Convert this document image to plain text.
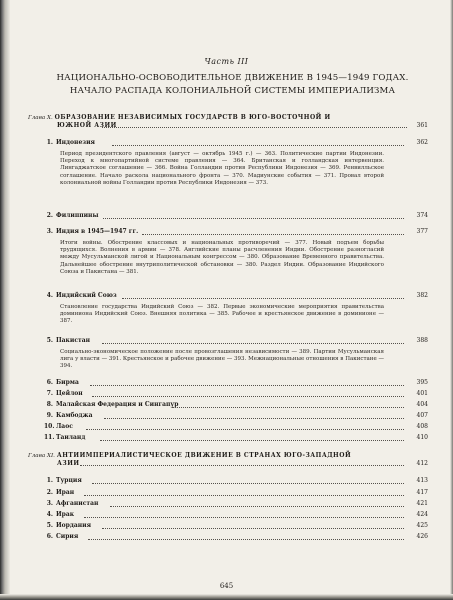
Часть III
НАЦИОНАЛЬНО-ОСВОБОДИТЕЛЬНОЕ ДВИЖЕНИЕ В 1945—1949 ГОДАХ.
НАЧАЛО РАСПАДА КОЛОНИАЛЬНОЙ СИСТЕМЫ ИМПЕРИАЛИЗМА
Глава X. ОБРАЗОВАНИЕ НЕЗАВИСИМЫХ ГОСУДАРСТВ В ЮГО-ВОСТОЧНОЙ И
ЮЖНОЙ АЗИИ	361
1. Индонезия	362
Период президентского правления (август — октябрь 1945 г.) — 363. Политические партии Индонезии. Переход к многопартийной системе правления — 364. Британская и голландская интервенция. Лингаджатское соглашение — 366. Война Голландии против Республики Индонезия — 369. Ренвилльское соглашение. Начало раскола национального фронта — 370. Мадиунские события — 371. Провал второй колониальной войны Голландии против Республики Индонезия — 373.
2. Филиппины	374
3. Индия в 1945—1947 гг.	377
Итоги войны. Обострение классовых и национальных противоречий — 377. Новый подъем борьбы трудящихся. Волнения в армии — 378. Английские планы расчленения Индии. Обострение разногласий между Мусульманской лигой и Национальным конгрессом — 380. Образование Временного правительства. Дальнейшее обострение внутриполитической обстановки — 380. Раздел Индии. Образование Индийского Союза и Пакистана — 381.
4. Индийский Союз	382
Становление государства Индийский Союз — 382. Первые экономические мероприятия правительства доминиона Индийский Союз. Внешняя политика — 385. Рабочее и крестьянское движение в доминионе — 387.
5. Пакистан	388
Социально-экономическое положение после провозглашения независимости — 389. Партии Мусульманская лига у власти — 391. Крестьянское и рабочее движение — 393. Межнациональные отношения в Пакистане — 394.
6. Бирма	395
7. Цейлон	401
8. Малайская Федерация и Сингапур	404
9. Камбоджа	407
10. Лаос	408
11. Таиланд	410
Глава XI. АНТИИМПЕРИАЛИСТИЧЕСКОЕ ДВИЖЕНИЕ В СТРАНАХ ЮГО-ЗАПАДНОЙ
АЗИИ	412
1. Турция	413
2. Иран	417
3. Афганистан	421
4. Ирак	424
5. Иордания	425
6. Сирия	426
645
